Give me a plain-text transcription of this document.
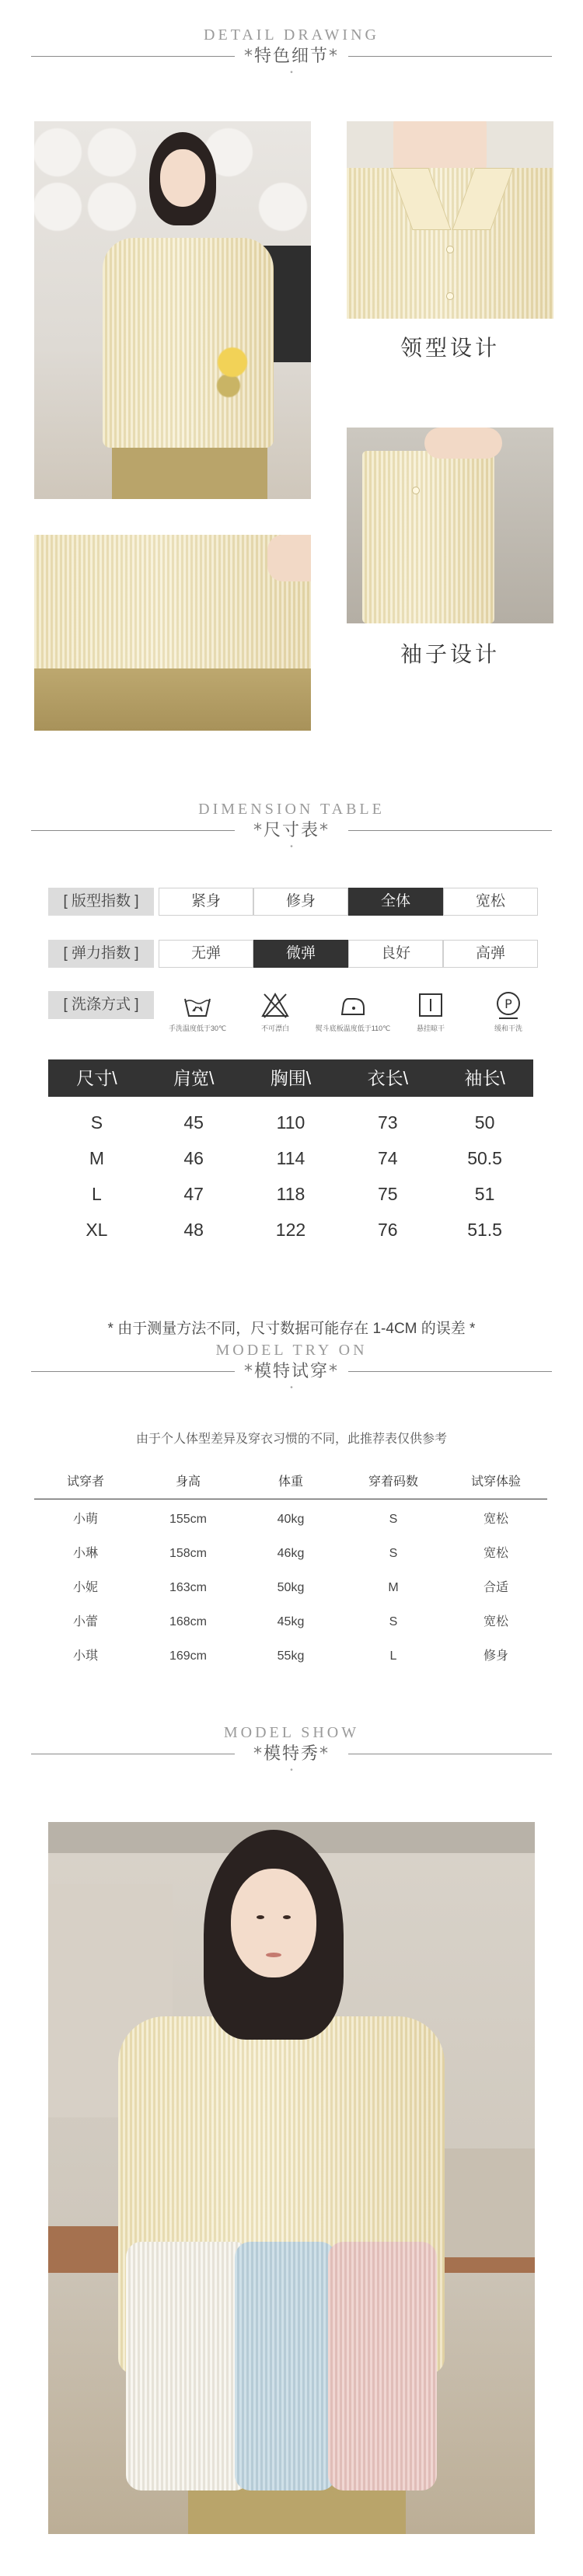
DETAIL DRAWING
*特色细节*
•
领型设计
袖子设计
DIMENSION TABLE
*尺寸表*
•
[ 版型指数 ]	紧身	修身	全体	宽松
[ 弹力指数 ]	无弹	微弹	良好	高弹
[ 洗涤方式 ]
手洗温度低于30℃	不可漂白	熨斗底板温度低于110℃	悬挂晾干
P
缓和干洗
尺寸\	肩宽\	胸围\	衣长\	袖长\
S	45	110	73	50
M	46	114	74	50.5
L	47	118	75	51
XL	48	122	76	51.5
* 由于测量方法不同，尺寸数据可能存在 1-4CM 的误差 *
MODEL TRY ON
*模特试穿*
•
由于个人体型差异及穿衣习惯的不同，此推荐表仅供参考
试穿者	身高	体重	穿着码数	试穿体验
小萌	155cm	40kg	S	宽松
小琳	158cm	46kg	S	宽松
小妮	163cm	50kg	M	合适
小蕾	168cm	45kg	S	宽松
小琪	169cm	55kg	L	修身
MODEL SHOW
*模特秀*
•
